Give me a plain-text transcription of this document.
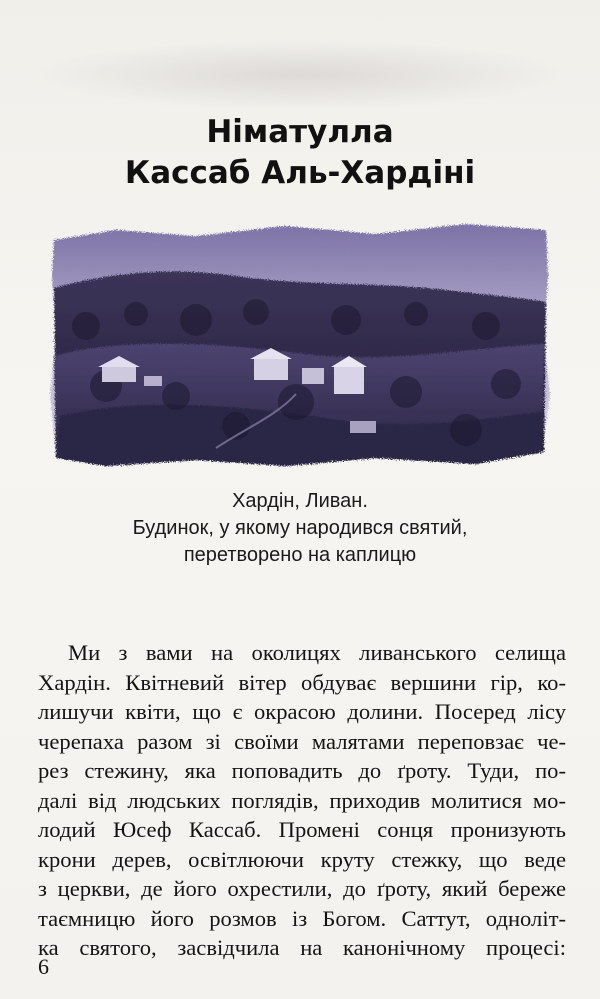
Німатулла
Кассаб Аль-Хардіні
Хардін, Ливан.
Будинок, у якому народився святий,
перетворено на каплицю
Ми з вами на околицях ливанського селища
Хардін. Квітневий вітер обдуває вершини гір, ко-
лишучи квіти, що є окрасою долини. Посеред лісу
черепаха разом зі своїми малятами переповзає че-
рез стежину, яка поповадить до ґроту. Туди, по-
далі від людських поглядів, приходив молитися мо-
лодий Юсеф Кассаб. Промені сонця пронизують
крони дерев, освітлюючи круту стежку, що веде
з церкви, де його охрестили, до ґроту, який береже
таємницю його розмов із Богом. Саттут, одноліт-
ка святого, засвідчила на канонічному процесі:
6
